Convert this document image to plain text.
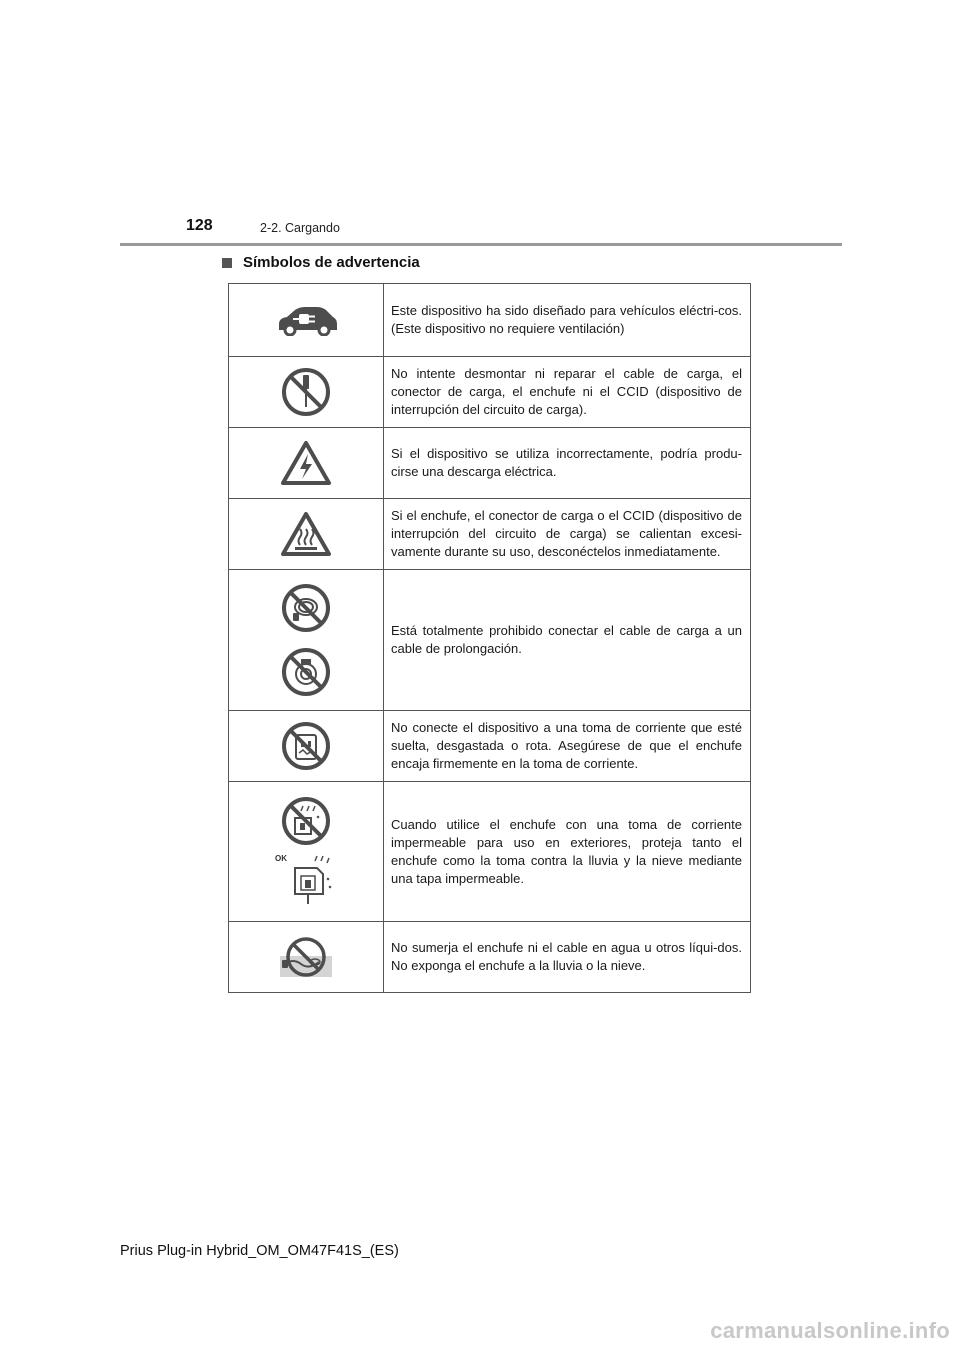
128	2-2. Cargando
Símbolos de advertencia
	Este dispositivo ha sido diseñado para vehículos eléctri-cos. (Este dispositivo no requiere ventilación)

	No intente desmontar ni reparar el cable de carga, el conector de carga, el enchufe ni el CCID (dispositivo de interrupción del circuito de carga).

	Si el dispositivo se utiliza incorrectamente, podría produ-cirse una descarga eléctrica.

	Si el enchufe, el conector de carga o el CCID (dispositivo de interrupción del circuito de carga) se calientan excesi-vamente durante su uso, desconéctelos inmediatamente.

	Está totalmente prohibido conectar el cable de carga a un cable de prolongación.

	No conecte el dispositivo a una toma de corriente que esté suelta, desgastada o rota. Asegúrese de que el enchufe encaja firmemente en la toma de corriente.

OK	Cuando utilice el enchufe con una toma de corriente impermeable para uso en exteriores, proteja tanto el enchufe como la toma contra la lluvia y la nieve mediante una tapa impermeable.

	No sumerja el enchufe ni el cable en agua u otros líqui-dos. No exponga el enchufe a la lluvia o la nieve.
Prius Plug-in Hybrid_OM_OM47F41S_(ES)
carmanualsonline.info
